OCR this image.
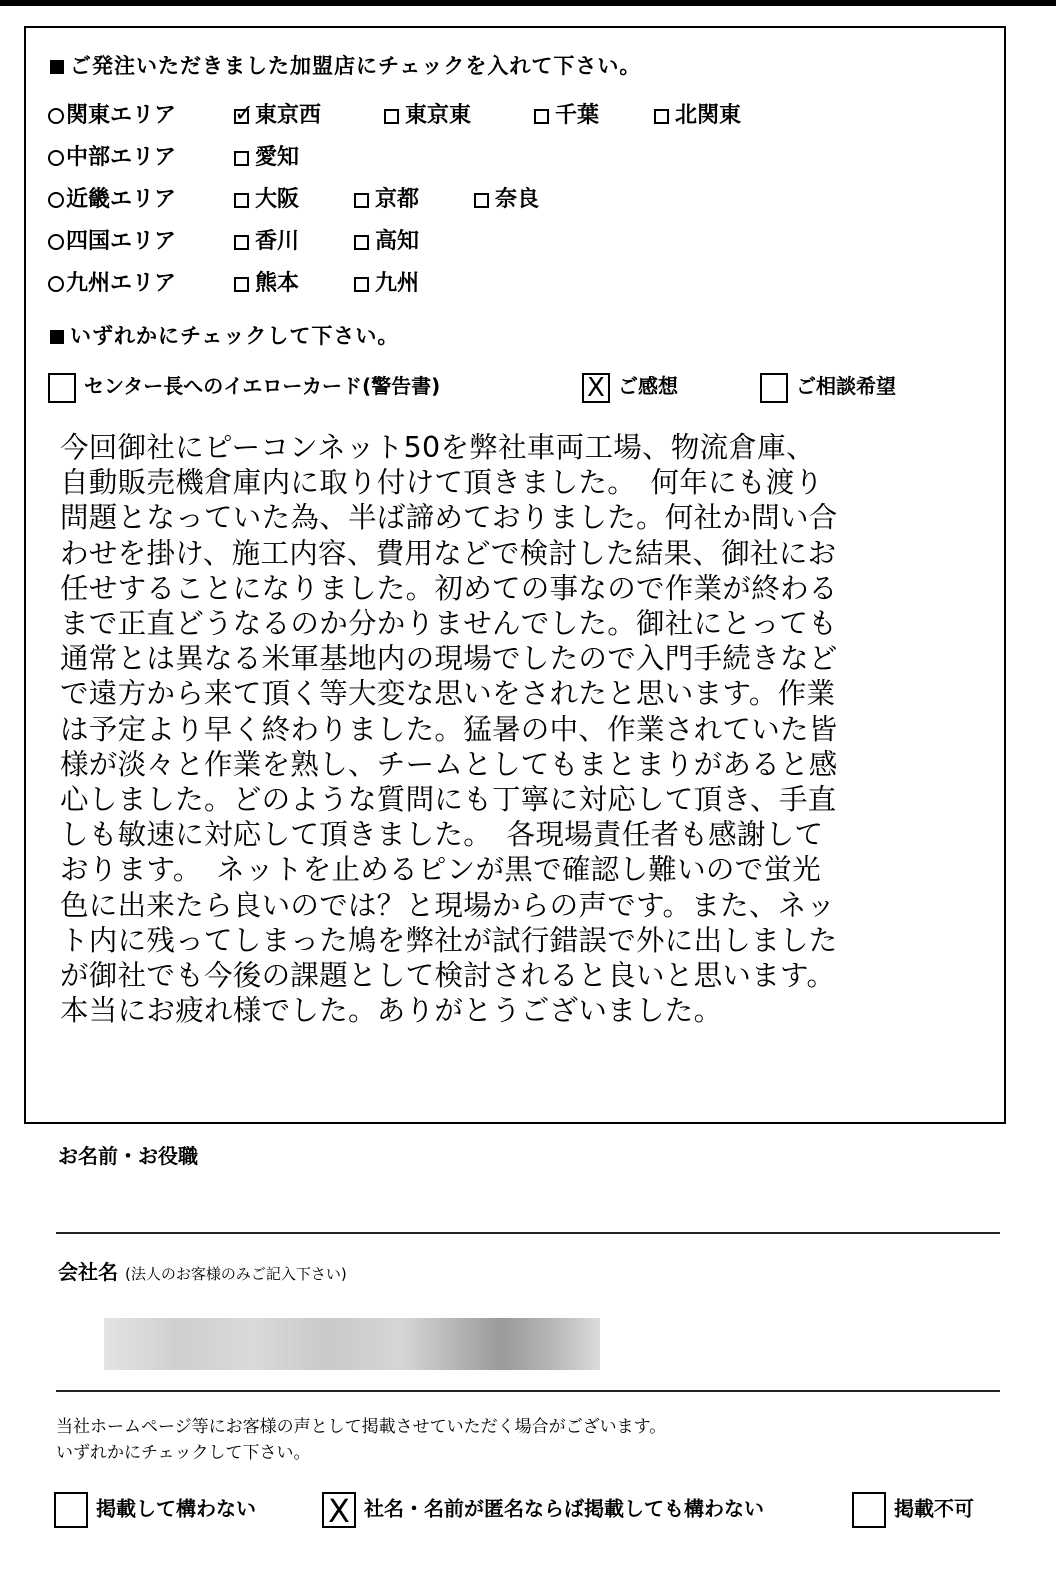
ご発注いただきました加盟店にチェックを入れて下さい。
関東エリア ✓	東京西	東京東	千葉	北関東
中部エリア	愛知
近畿エリア	大阪	京都	奈良
四国エリア	香川	高知
九州エリア	熊本	九州
いずれかにチェックして下さい。
センター長へのイエローカード(警告書) X	ご感想	ご相談希望
今回御社にピーコンネット50を弊社車両工場、物流倉庫、
自動販売機倉庫内に取り付けて頂きました。　何年にも渡り
問題となっていた為、半ば諦めておりました。何社か問い合
わせを掛け、施工内容、費用などで検討した結果、御社にお
任せすることになりました。初めての事なので作業が終わる
まで正直どうなるのか分かりませんでした。御社にとっても
通常とは異なる米軍基地内の現場でしたので入門手続きなど
で遠方から来て頂く等大変な思いをされたと思います。作業
は予定より早く終わりました。猛暑の中、作業されていた皆
様が淡々と作業を熟し、チームとしてもまとまりがあると感
心しました。どのような質問にも丁寧に対応して頂き、手直
しも敏速に対応して頂きました。　各現場責任者も感謝して
おります。　ネットを止めるピンが黒で確認し難いので蛍光
色に出来たら良いのでは？と現場からの声です。また、ネッ
ト内に残ってしまった鳩を弊社が試行錯誤で外に出しました
が御社でも今後の課題として検討されると良いと思います。
本当にお疲れ様でした。ありがとうございました。
お名前・お役職
会社名 (法人のお客様のみご記入下さい)
当社ホームページ等にお客様の声として掲載させていただく場合がございます。
いずれかにチェックして下さい。
掲載して構わない X	社名・名前が匿名ならば掲載しても構わない	掲載不可
